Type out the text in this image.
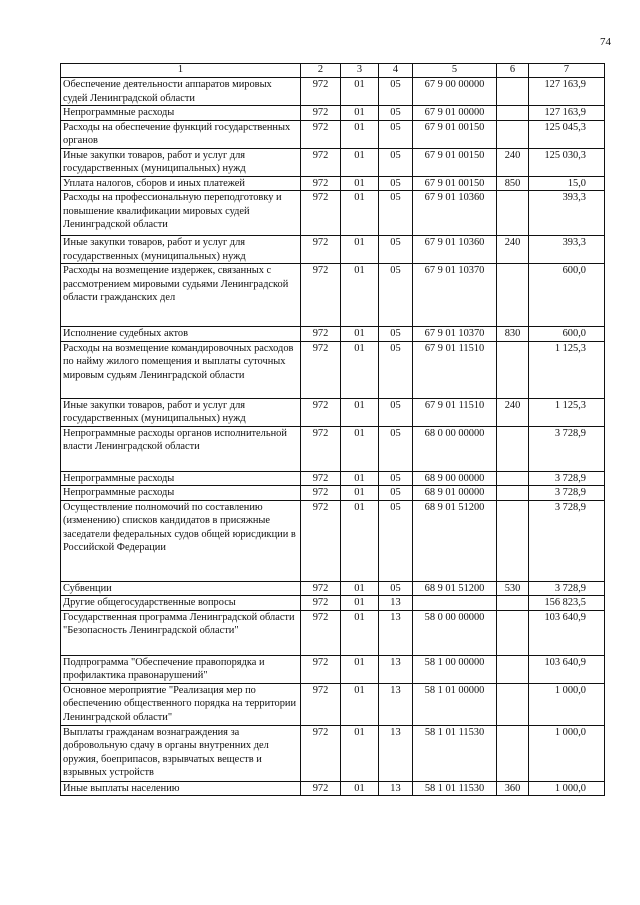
74
1	2	3	4	5	6	7
Обеспечение деятельности аппаратов мировых судей Ленинградской области	972	01	05	67 9 00 00000		127 163,9
Непрограммные расходы	972	01	05	67 9 01 00000		127 163,9
Расходы на обеспечение функций государственных органов	972	01	05	67 9 01 00150		125 045,3
Иные закупки товаров, работ и услуг для государственных (муниципальных) нужд	972	01	05	67 9 01 00150	240	125 030,3
Уплата налогов, сборов и иных платежей	972	01	05	67 9 01 00150	850	15,0
Расходы на профессиональную переподготовку и повышение квалификации мировых судей Ленинградской области	972	01	05	67 9 01 10360		393,3
Иные закупки товаров, работ и услуг для государственных (муниципальных) нужд	972	01	05	67 9 01 10360	240	393,3
Расходы на возмещение издержек, связанных с рассмотрением мировыми судьями Ленинградской области гражданских дел	972	01	05	67 9 01 10370		600,0
Исполнение судебных актов	972	01	05	67 9 01 10370	830	600,0
Расходы на возмещение командировочных расходов по найму жилого помещения и выплаты суточных мировым судьям Ленинградской области	972	01	05	67 9 01 11510		1 125,3
Иные закупки товаров, работ и услуг для государственных (муниципальных) нужд	972	01	05	67 9 01 11510	240	1 125,3
Непрограммные расходы органов исполнительной власти Ленинградской области	972	01	05	68 0 00 00000		3 728,9
Непрограммные расходы	972	01	05	68 9 00 00000		3 728,9
Непрограммные расходы	972	01	05	68 9 01 00000		3 728,9
Осуществление полномочий по составлению (изменению) списков кандидатов в присяжные заседатели федеральных судов общей юрисдикции в Российской Федерации	972	01	05	68 9 01 51200		3 728,9
Субвенции	972	01	05	68 9 01 51200	530	3 728,9
Другие общегосударственные вопросы	972	01	13			156 823,5
Государственная программа Ленинградской области "Безопасность Ленинградской области"	972	01	13	58 0 00 00000		103 640,9
Подпрограмма "Обеспечение правопорядка и профилактика правонарушений"	972	01	13	58 1 00 00000		103 640,9
Основное мероприятие "Реализация мер по обеспечению общественного порядка на территории Ленинградской области"	972	01	13	58 1 01 00000		1 000,0
Выплаты гражданам вознаграждения за добровольную сдачу в органы внутренних дел оружия, боеприпасов, взрывчатых веществ и взрывных устройств	972	01	13	58 1 01 11530		1 000,0
Иные выплаты населению	972	01	13	58 1 01 11530	360	1 000,0
